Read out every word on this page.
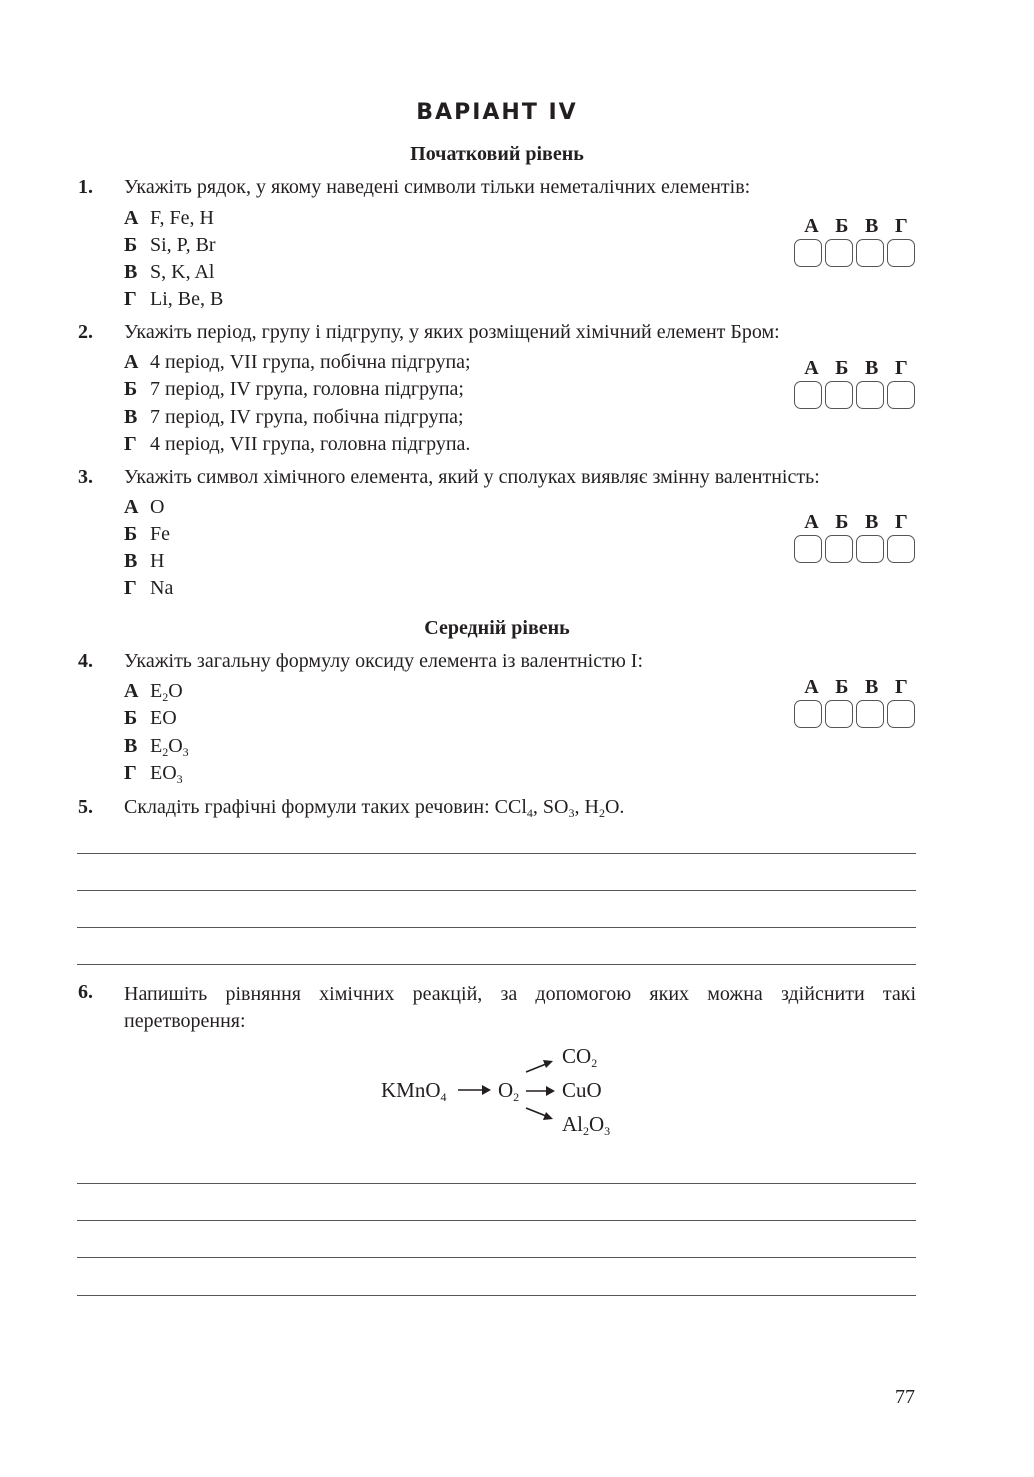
ВАРІАНТ IV
Початковий рівень
1. Укажіть рядок, у якому наведені символи тільки неметалічних елементів:
А F, Fe, H
Б Si, P, Br
В S, K, Al
Г Li, Be, B
А Б В Г
2. Укажіть період, групу і підгрупу, у яких розміщений хімічний елемент Бром:
А 4 період, VII група, побічна підгрупа;
Б 7 період, IV група, головна підгрупа;
В 7 період, IV група, побічна підгрупа;
Г 4 період, VII група, головна підгрупа.
А Б В Г
3. Укажіть символ хімічного елемента, який у сполуках виявляє змінну валентність:
А O
Б Fe
В H
Г Na
А Б В Г
Середній рівень
4. Укажіть загальну формулу оксиду елемента із валентністю I:
А $E_2O$
Б EO
В $E_2O_3$
Г $EO_3$
А Б В Г
5. Складіть графічні формули таких речовин: CCl$_4$, $SO_3$, $H_2O$.
6. Напишіть рівняння хімічних реакцій, за допомогою яких можна здійснити такі перетворення:
KMnO$_4$ $O_2$
$CO_2$
CuO
$Al_2O_3$
77
